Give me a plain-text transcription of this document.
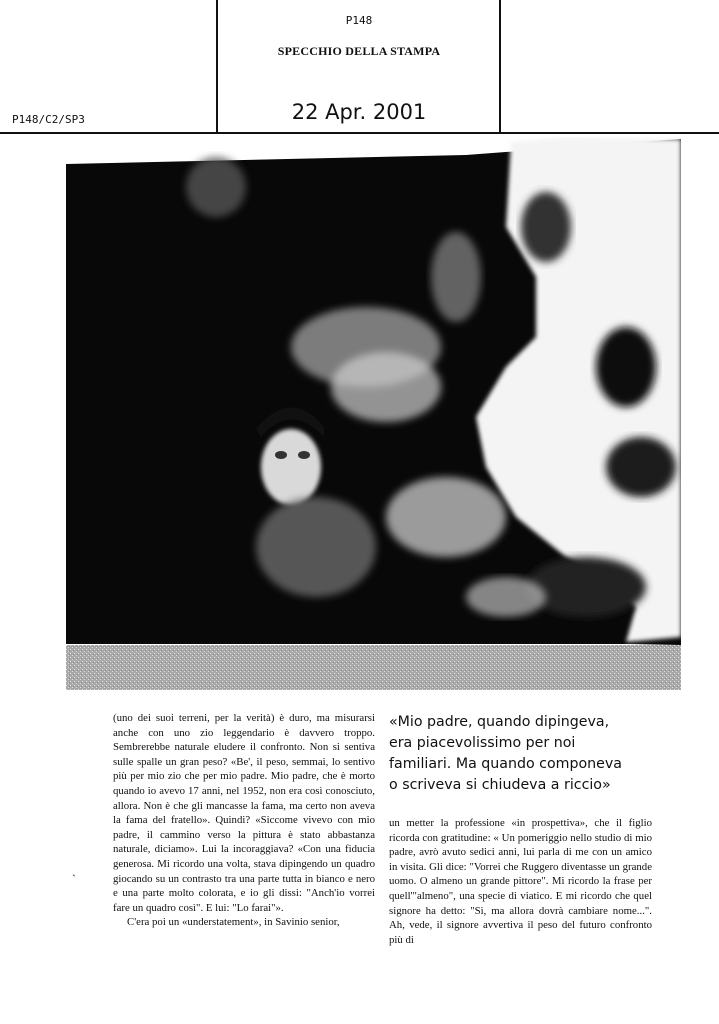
P148
SPECCHIO DELLA STAMPA
22 Apr. 2001
P148/C2/SP3

(uno dei suoi terreni, per la verità) è duro, ma misurarsi anche con uno zio leggendario è davvero troppo. Sembrerebbe naturale eludere il confronto. Non si sentiva sulle spalle un gran peso? «Be', il peso, semmai, lo sentivo più per mio zio che per mio padre. Mio padre, che è morto quando io avevo 17 anni, nel 1952, non era così conosciuto, allora. Non è che gli mancasse la fama, ma certo non aveva la fama del fratello». Quindi? «Siccome vivevo con mio padre, il cammino verso la pittura è stato abbastanza naturale, diciamo». Lui la incoraggiava? «Con una fiducia generosa. Mi ricordo una volta, stava dipingendo un quadro giocando su un contrasto tra una parte tutta in bianco e nero e una parte molto colorata, e io gli dissi: "Anch'io vorrei fare un quadro così". E lui: "Lo farai"».

C'era poi un «understatement», in Savinio senior,

«Mio padre, quando dipingeva,
era piacevolissimo per noi
familiari. Ma quando componeva
o scriveva si chiudeva a riccio»

un metter la professione «in prospettiva», che il figlio ricorda con gratitudine: « Un pomeriggio nello studio di mio padre, avrò avuto sedici anni, lui parla di me con un amico in visita. Gli dice: "Vorrei che Ruggero diventasse un grande uomo. O almeno un grande pittore". Mi ricordo la frase per quell'"almeno", una specie di viatico. E mi ricordo che quel signore ha detto: "Sì, ma allora dovrà cambiare nome...". Ah, vede, il signore avvertiva il peso del futuro confronto più di

`
